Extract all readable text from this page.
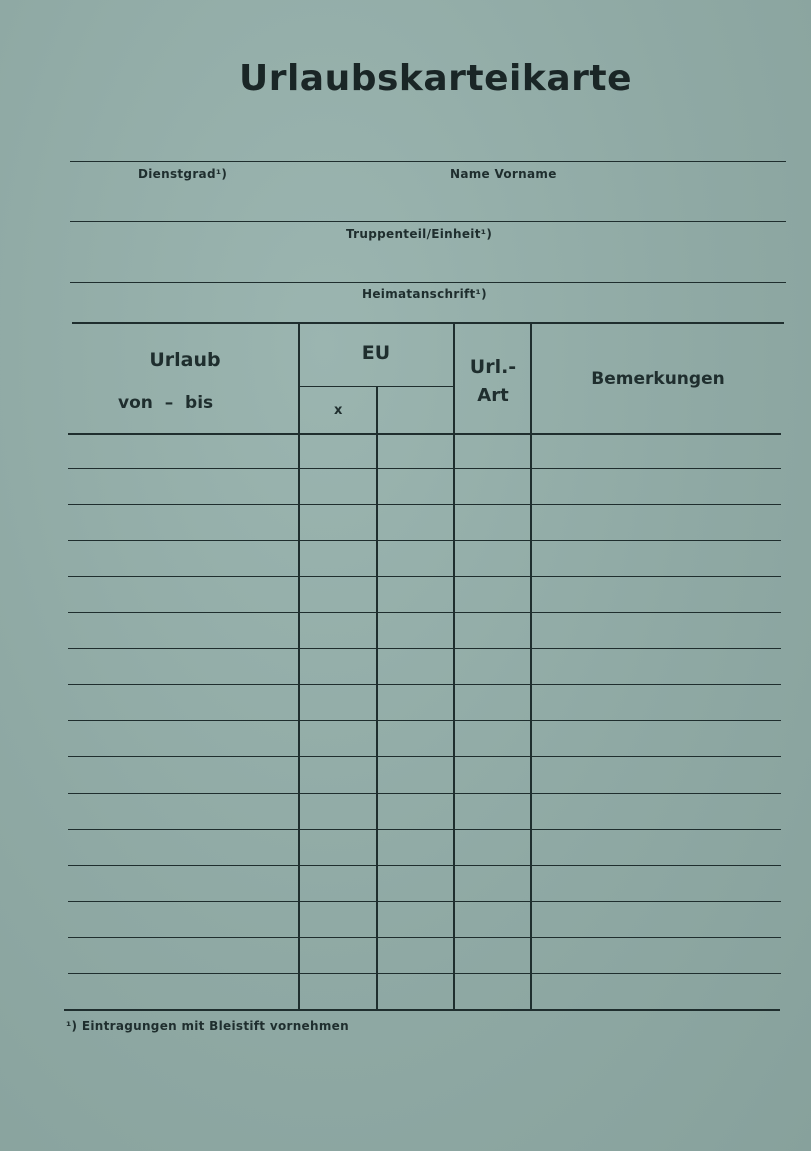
Urlaubskarteikarte
Dienstgrad¹)	Name Vorname
Truppenteil/Einheit¹)
Heimatanschrift¹)
Urlaub
von  –  bis
EU
x
Url.-
Art
Bemerkungen
¹) Eintragungen mit Bleistift vornehmen
